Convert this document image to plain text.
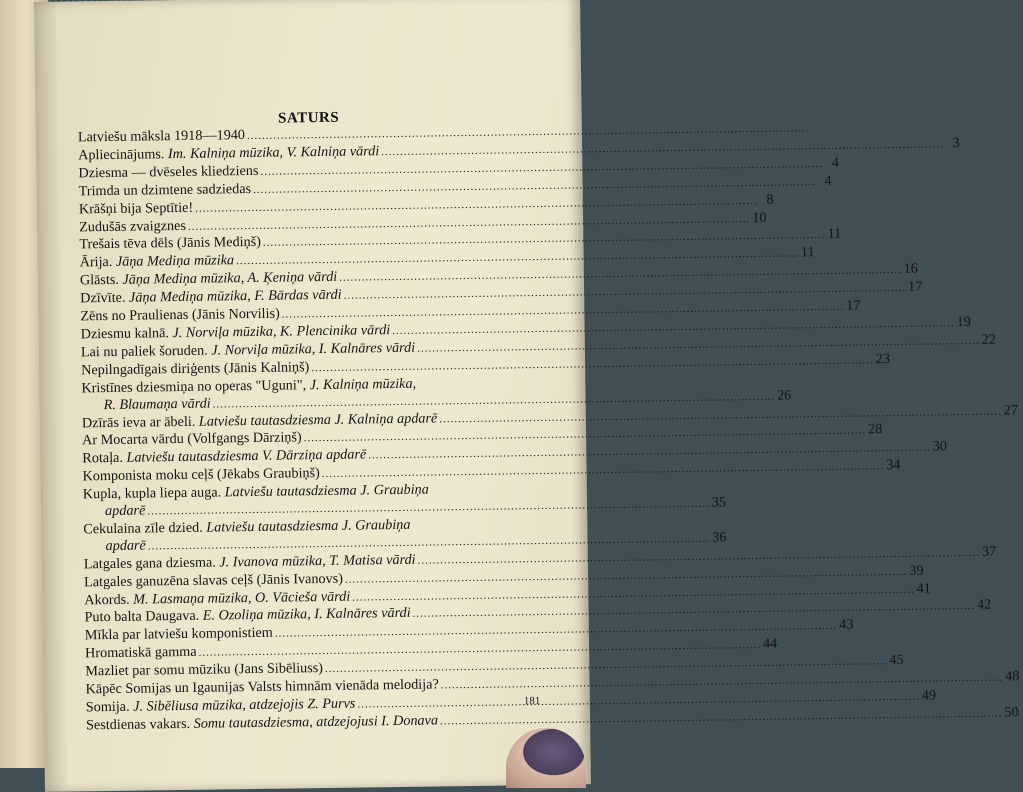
SATURS
Latviešu māksla 1918—1940
.....
Apliecinājums. Im. Kalniņa mūzika, V. Kalniņa vārdi
.....
3
Dziesma — dvēseles kliedziens
.....
4
Trimda un dzimtene sadziedas
.....
4
Krāšņi bija Septītie!
.....
8
Zudušās zvaigznes
.....
10
Trešais tēva dēls (Jānis Mediņš)
.....
11
Ārija. Jāņa Mediņa mūzika
.....
11
Glāsts. Jāņa Mediņa mūzika, A. Ķeniņa vārdi
.....
16
Dzīvīte. Jāņa Mediņa mūzika, F. Bārdas vārdi
.....
17
Zēns no Praulienas (Jānis Norvilis)
.....
17
Dziesmu kalnā. J. Norviļa mūzika, K. Plencinika vārdi
.....
19
Lai nu paliek šoruden. J. Norviļa mūzika, I. Kalnāres vārdi
.....
22
Nepilngadīgais diriģents (Jānis Kalniņš)
.....
23
Kristīnes dziesmiņa no operas "Uguni", J. Kalniņa mūzika,
R. Blaumaņa vārdi
.....
26
Dzīrās ieva ar ābeli. Latviešu tautasdziesma J. Kalniņa apdarē
.....
27
Ar Mocarta vārdu (Volfgangs Dārziņš)
.....
28
Rotaļa. Latviešu tautasdziesma V. Dārziņa apdarē
.....
30
Komponista moku ceļš (Jēkabs Graubiņš)
.....
34
Kupla, kupla liepa auga. Latviešu tautasdziesma J. Graubiņa
apdarē
.....
35
Cekulaina zīle dzied. Latviešu tautasdziesma J. Graubiņa
apdarē
.....
36
Latgales gana dziesma. J. Ivanova mūzika, T. Matisa vārdi
.....
37
Latgales ganuzēna slavas ceļš (Jānis Ivanovs)
.....
39
Akords. M. Lasmaņa mūzika, O. Vācieša vārdi
.....
41
Puto balta Daugava. E. Ozoliņa mūzika, I. Kalnāres vārdi
.....
42
Mīkla par latviešu komponistiem
.....
43
Hromatiskā gamma
.....
44
Mazliet par somu mūziku (Jans Sibēliuss)
.....
45
Kāpēc Somijas un Igaunijas Valsts himnām vienāda melodija?
.....
48
Somija. J. Sibēliusa mūzika, atdzejojis Z. Purvs
.....
49
Sestdienas vakars. Somu tautasdziesma, atdzejojusi I. Donava
.....
50
181
